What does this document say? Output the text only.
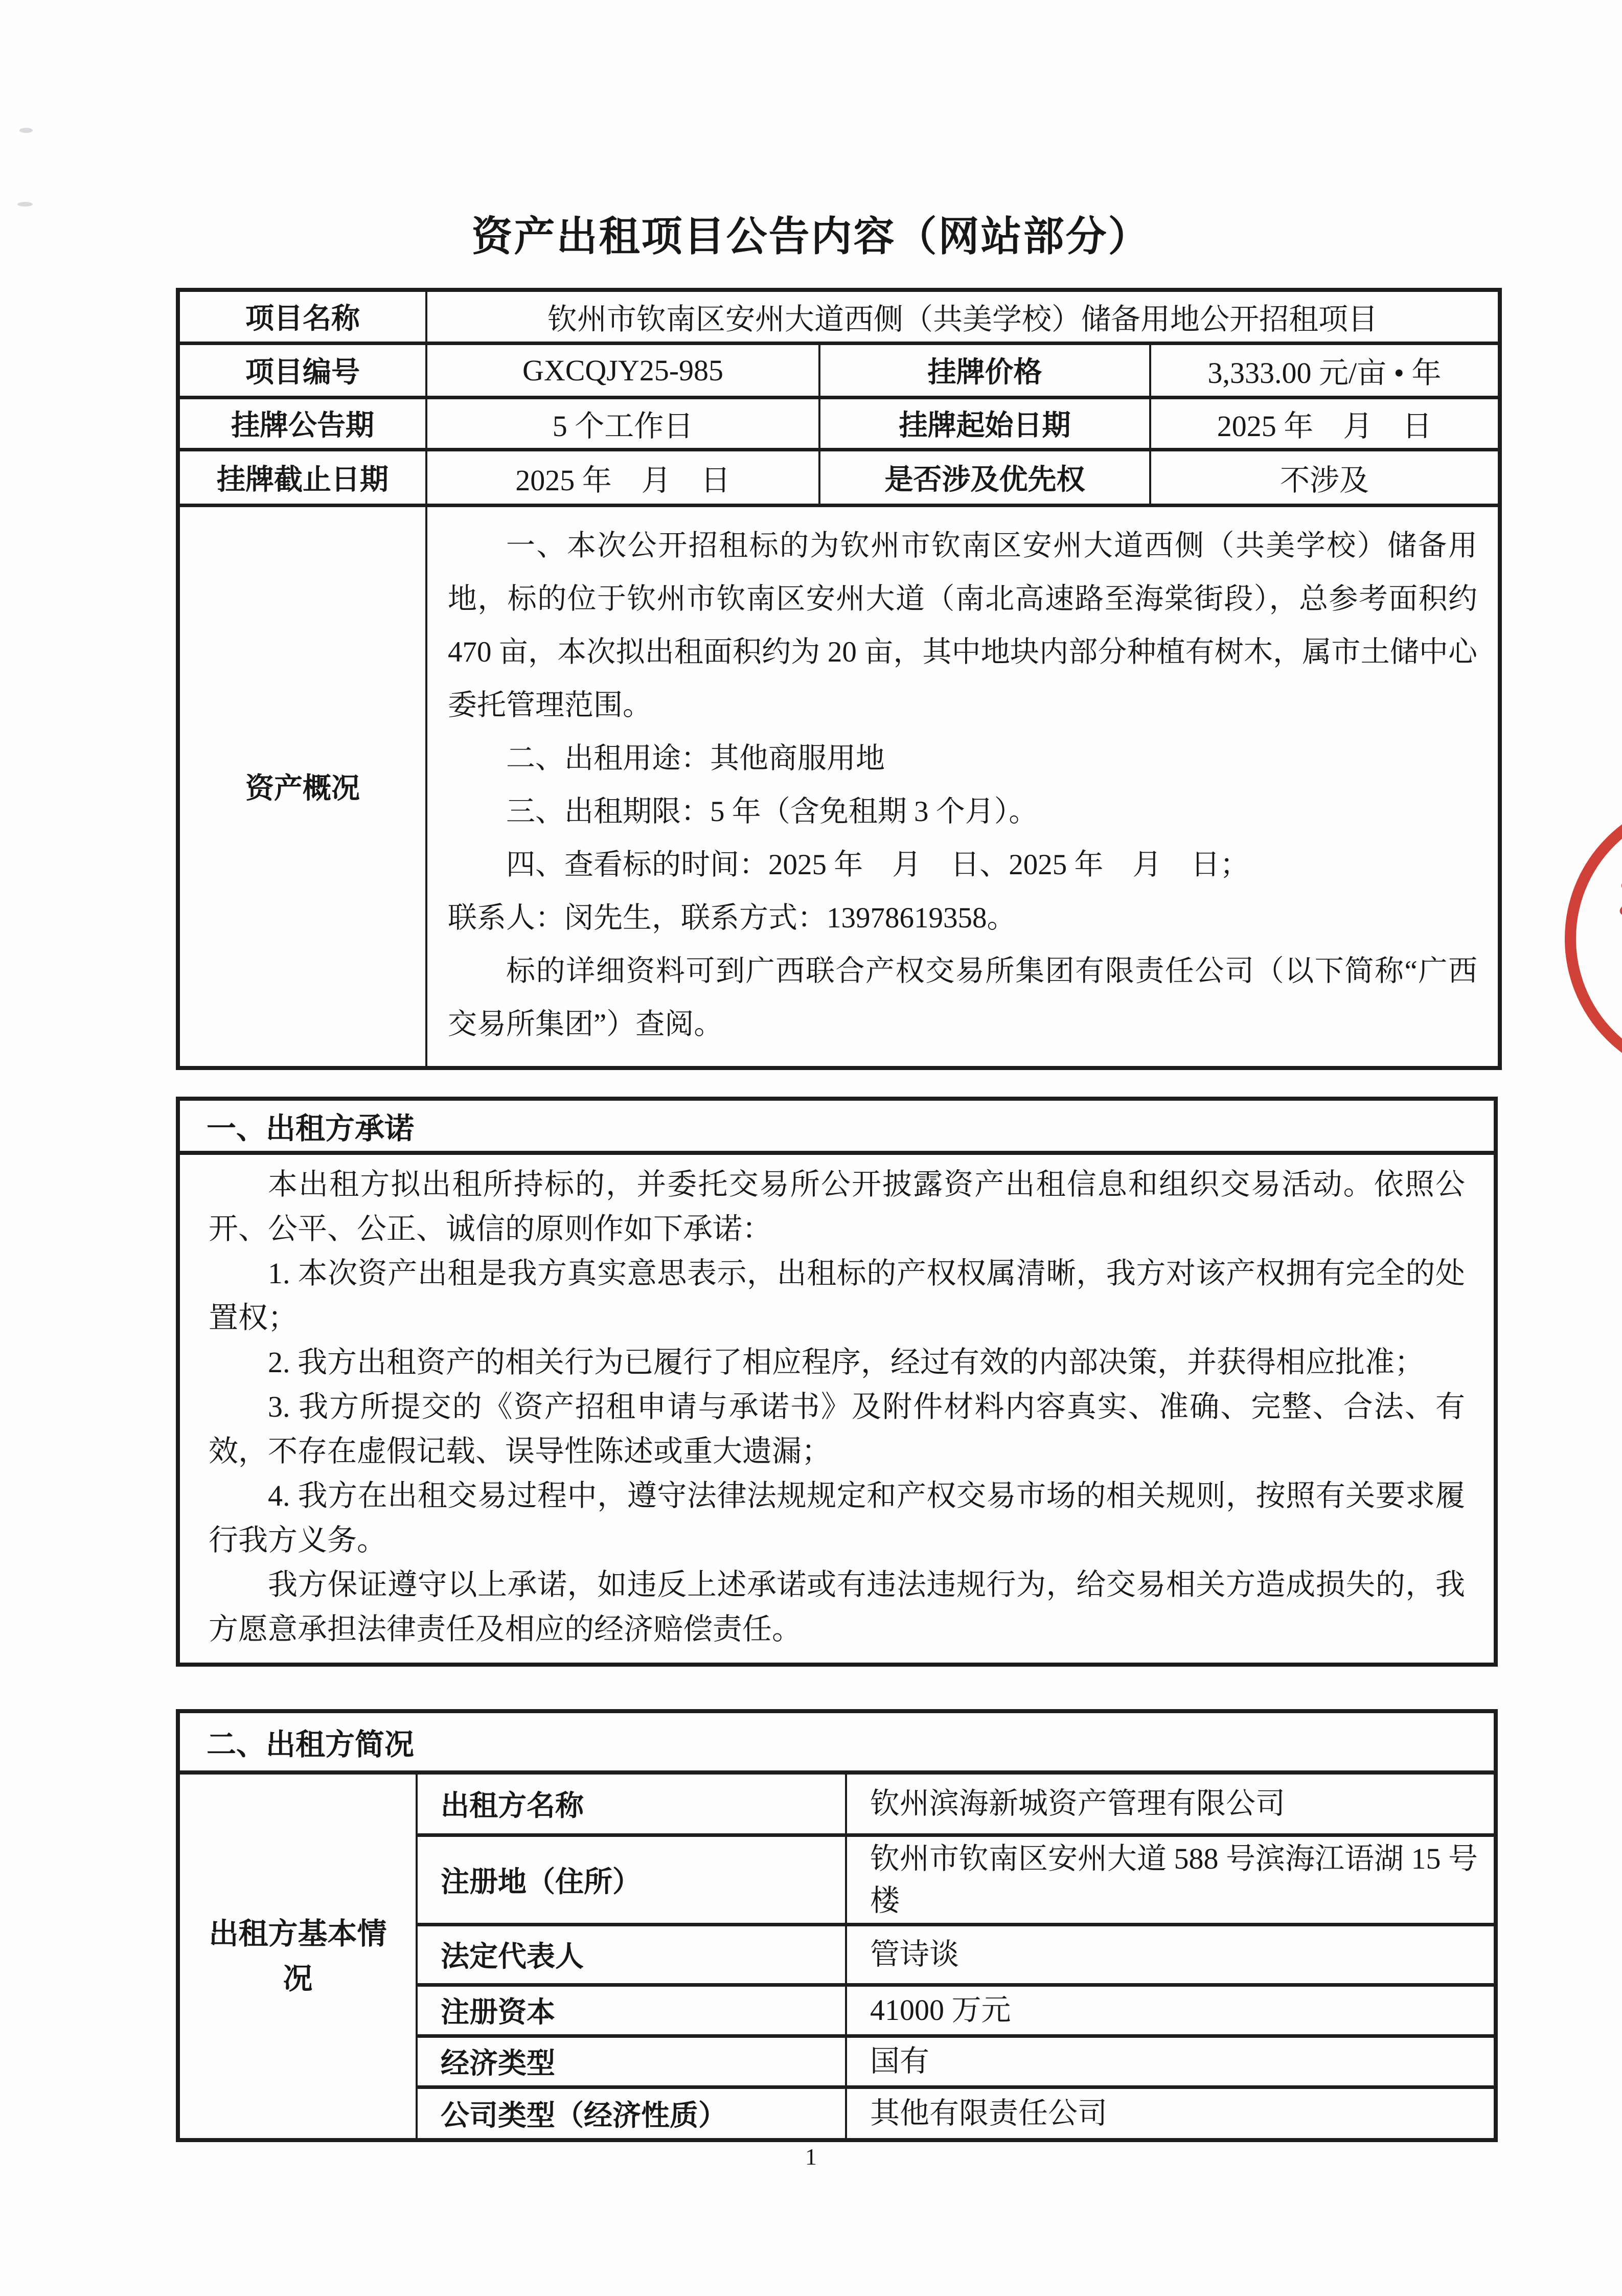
资产出租项目公告内容（网站部分）
项目名称	钦州市钦南区安州大道西侧（共美学校）储备用地公开招租项目		
项目编号	GXCQJY25-985	挂牌价格	3,333.00 元/亩 • 年
挂牌公告期	5 个工作日	挂牌起始日期	2025 年　月　日
挂牌截止日期	2025 年　月　日	是否涉及优先权	不涉及
资产概况	

一、本次公开招租标的为钦州市钦南区安州大道西侧（共美学校）储备用地，标的位于钦州市钦南区安州大道（南北高速路至海棠街段），总参考面积约 470 亩，本次拟出租面积约为 20 亩，其中地块内部分种植有树木，属市土储中心委托管理范围。

二、出租用途：其他商服用地

三、出租期限：5 年（含免租期 3 个月）。

四、查看标的时间：2025 年　月　日、2025 年　月　日；

联系人：闵先生，联系方式：13978619358。

标的详细资料可到广西联合产权交易所集团有限责任公司（以下简称“广西交易所集团”）查阅。

一、出租方承诺

本出租方拟出租所持标的，并委托交易所公开披露资产出租信息和组织交易活动。依照公开、公平、公正、诚信的原则作如下承诺：

1. 本次资产出租是我方真实意思表示，出租标的产权权属清晰，我方对该产权拥有完全的处置权；

2. 我方出租资产的相关行为已履行了相应程序，经过有效的内部决策，并获得相应批准；

3. 我方所提交的《资产招租申请与承诺书》及附件材料内容真实、准确、完整、合法、有效，不存在虚假记载、误导性陈述或重大遗漏；

4. 我方在出租交易过程中，遵守法律法规规定和产权交易市场的相关规则，按照有关要求履行我方义务。

我方保证遵守以上承诺，如违反上述承诺或有违法违规行为，给交易相关方造成损失的，我方愿意承担法律责任及相应的经济赔偿责任。

二、出租方简况
出租方基本情况	出租方名称	钦州滨海新城资产管理有限公司
	注册地（住所）	钦州市钦南区安州大道 588 号滨海江语湖 15 号楼
	法定代表人	管诗谈
	注册资本	41000 万元
	经济类型	国有
	公司类型（经济性质）	其他有限责任公司
1
